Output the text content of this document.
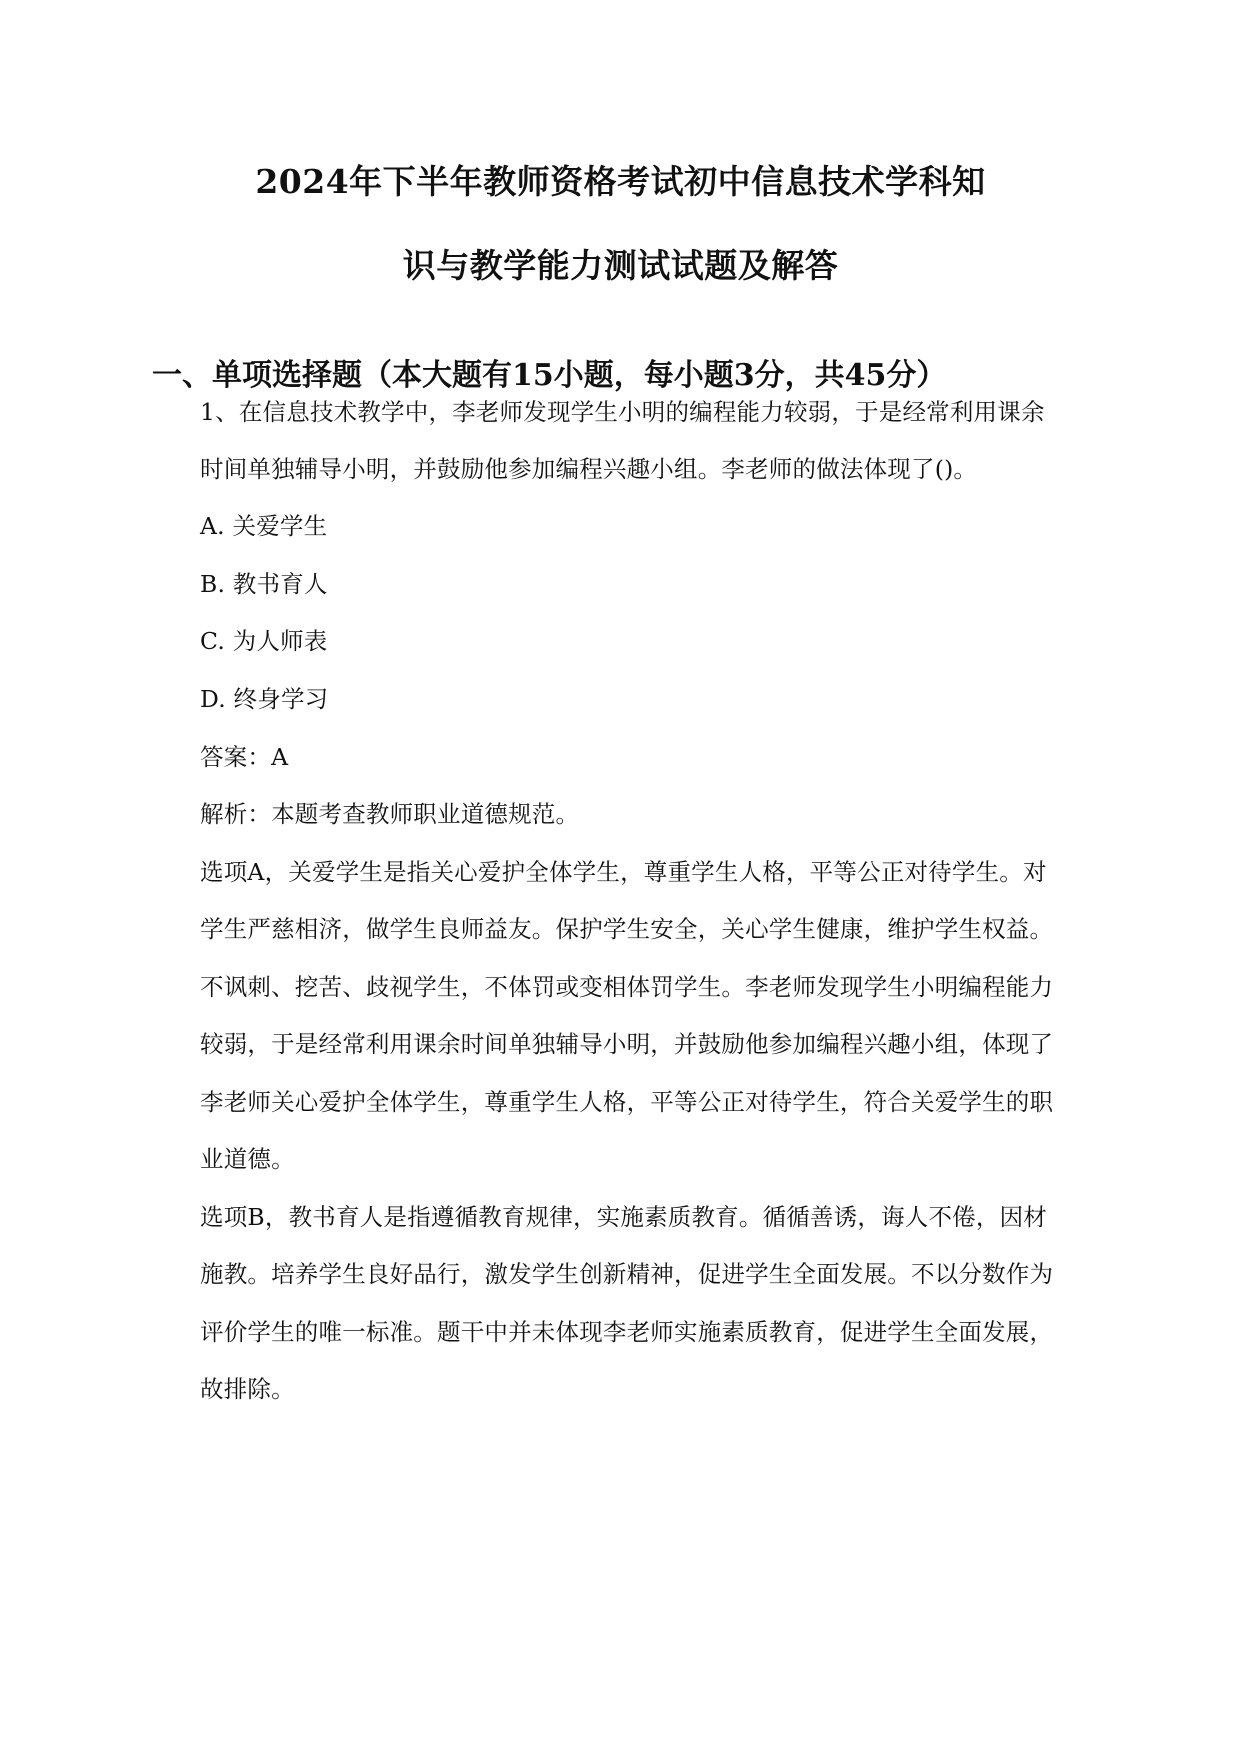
2024年下半年教师资格考试初中信息技术学科知
识与教学能力测试试题及解答
一、单项选择题（本大题有15小题，每小题3分，共45分）
1、在信息技术教学中，李老师发现学生小明的编程能力较弱，于是经常利用课余
时间单独辅导小明，并鼓励他参加编程兴趣小组。李老师的做法体现了()。
A. 关爱学生
B. 教书育人
C. 为人师表
D. 终身学习
答案：A
解析：本题考查教师职业道德规范。
选项A，关爱学生是指关心爱护全体学生，尊重学生人格，平等公正对待学生。对
学生严慈相济，做学生良师益友。保护学生安全，关心学生健康，维护学生权益。
不讽刺、挖苦、歧视学生，不体罚或变相体罚学生。李老师发现学生小明编程能力
较弱，于是经常利用课余时间单独辅导小明，并鼓励他参加编程兴趣小组，体现了
李老师关心爱护全体学生，尊重学生人格，平等公正对待学生，符合关爱学生的职
业道德。
选项B，教书育人是指遵循教育规律，实施素质教育。循循善诱，诲人不倦，因材
施教。培养学生良好品行，激发学生创新精神，促进学生全面发展。不以分数作为
评价学生的唯一标准。题干中并未体现李老师实施素质教育，促进学生全面发展，
故排除。
